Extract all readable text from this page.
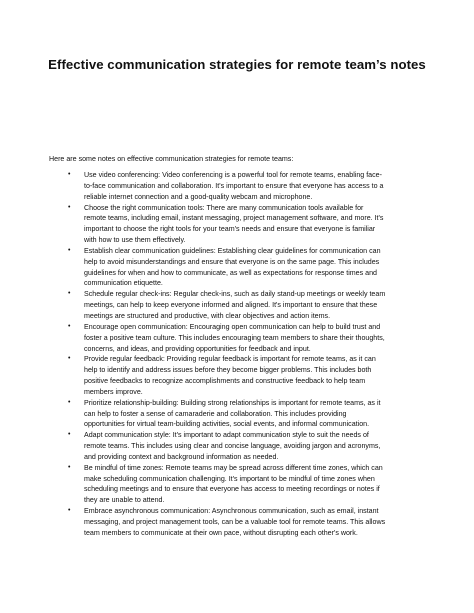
Effective communication strategies for remote team’s notes
Here are some notes on effective communication strategies for remote teams:
• Use video conferencing: Video conferencing is a powerful tool for remote teams, enabling face-
to-face communication and collaboration. It's important to ensure that everyone has access to a
reliable internet connection and a good-quality webcam and microphone.
• Choose the right communication tools: There are many communication tools available for
remote teams, including email, instant messaging, project management software, and more. It's
important to choose the right tools for your team's needs and ensure that everyone is familiar
with how to use them effectively.
• Establish clear communication guidelines: Establishing clear guidelines for communication can
help to avoid misunderstandings and ensure that everyone is on the same page. This includes
guidelines for when and how to communicate, as well as expectations for response times and
communication etiquette.
• Schedule regular check-ins: Regular check-ins, such as daily stand-up meetings or weekly team
meetings, can help to keep everyone informed and aligned. It's important to ensure that these
meetings are structured and productive, with clear objectives and action items.
• Encourage open communication: Encouraging open communication can help to build trust and
foster a positive team culture. This includes encouraging team members to share their thoughts,
concerns, and ideas, and providing opportunities for feedback and input.
• Provide regular feedback: Providing regular feedback is important for remote teams, as it can
help to identify and address issues before they become bigger problems. This includes both
positive feedbacks to recognize accomplishments and constructive feedback to help team
members improve.
• Prioritize relationship-building: Building strong relationships is important for remote teams, as it
can help to foster a sense of camaraderie and collaboration. This includes providing
opportunities for virtual team-building activities, social events, and informal communication.
• Adapt communication style: It's important to adapt communication style to suit the needs of
remote teams. This includes using clear and concise language, avoiding jargon and acronyms,
and providing context and background information as needed.
• Be mindful of time zones: Remote teams may be spread across different time zones, which can
make scheduling communication challenging. It's important to be mindful of time zones when
scheduling meetings and to ensure that everyone has access to meeting recordings or notes if
they are unable to attend.
• Embrace asynchronous communication: Asynchronous communication, such as email, instant
messaging, and project management tools, can be a valuable tool for remote teams. This allows
team members to communicate at their own pace, without disrupting each other's work.
